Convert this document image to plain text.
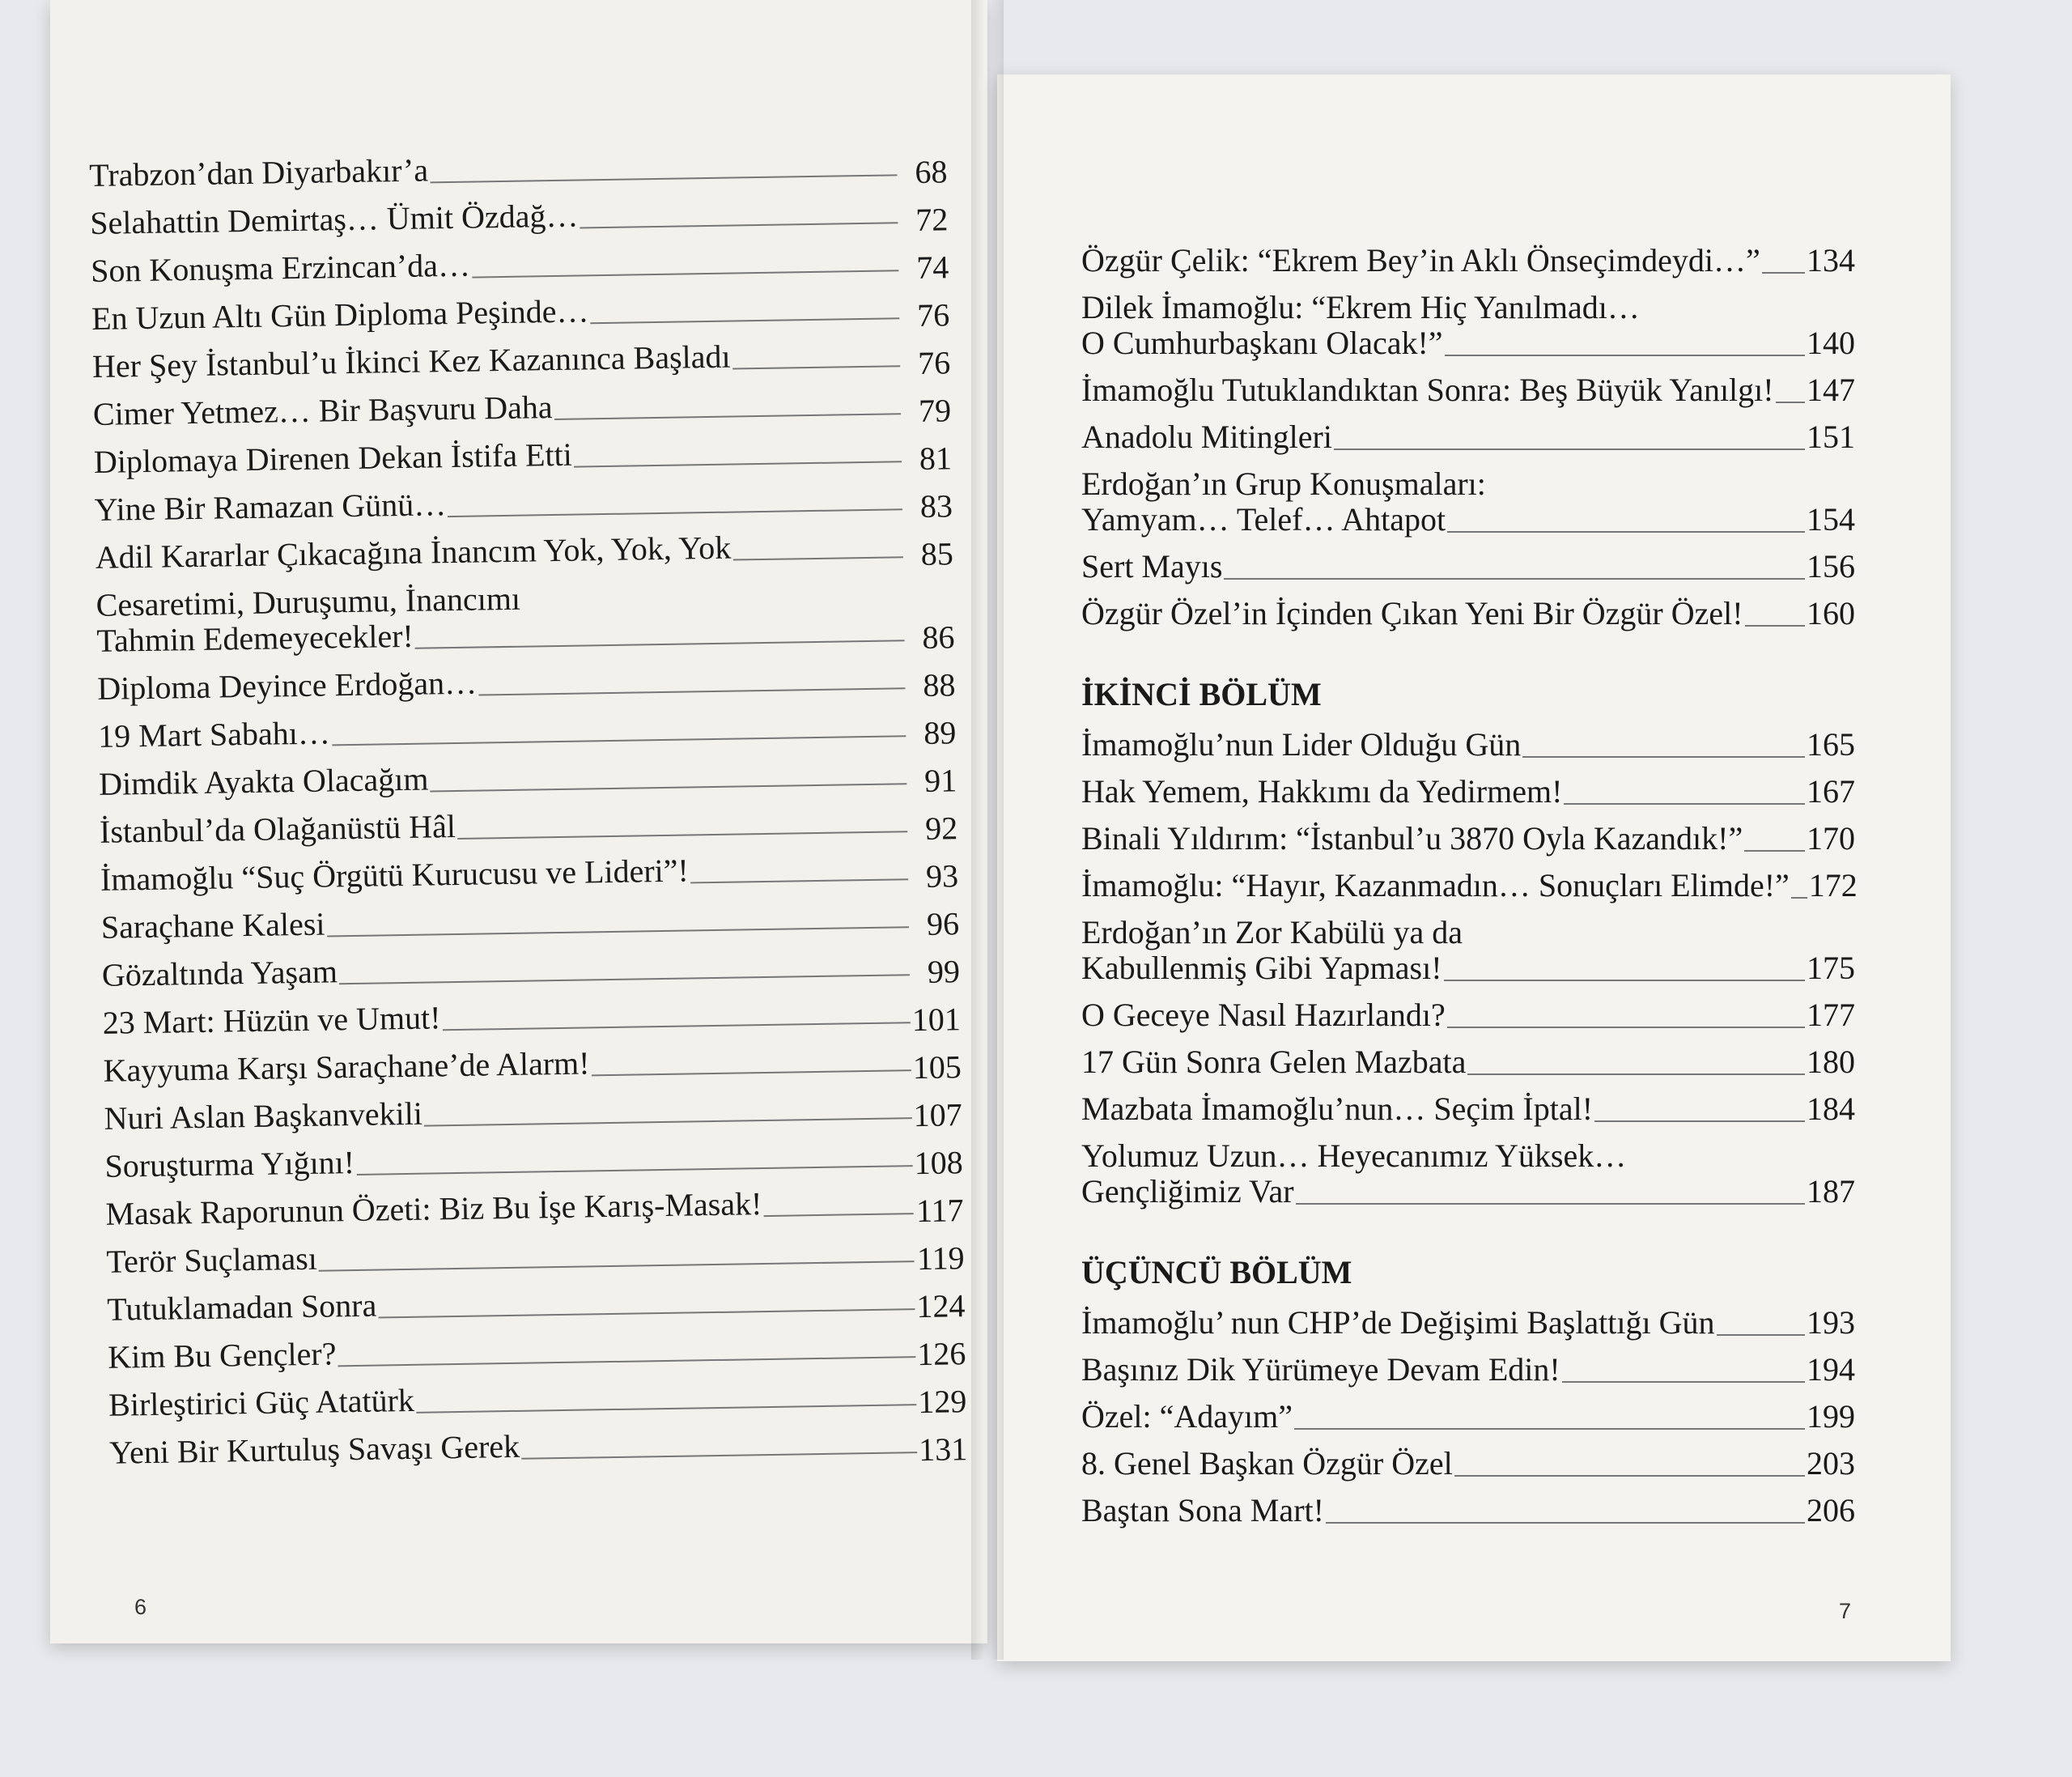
Trabzon’dan Diyarbakır’a	68
Selahattin Demirtaş… Ümit Özdağ…	72
Son Konuşma Erzincan’da…	74
En Uzun Altı Gün Diploma Peşinde…	76
Her Şey İstanbul’u İkinci Kez Kazanınca Başladı	76
Cimer Yetmez… Bir Başvuru Daha	79
Diplomaya Direnen Dekan İstifa Etti	81
Yine Bir Ramazan Günü…	83
Adil Kararlar Çıkacağına İnancım Yok, Yok, Yok	85
Cesaretimi, Duruşumu, İnancımı
Tahmin Edemeyecekler!	86
Diploma Deyince Erdoğan…	88
19 Mart Sabahı…	89
Dimdik Ayakta Olacağım	91
İstanbul’da Olağanüstü Hâl	92
İmamoğlu “Suç Örgütü Kurucusu ve Lideri”!	93
Saraçhane Kalesi	96
Gözaltında Yaşam	99
23 Mart: Hüzün ve Umut!	101
Kayyuma Karşı Saraçhane’de Alarm!	105
Nuri Aslan Başkanvekili	107
Soruşturma Yığını!	108
Masak Raporunun Özeti: Biz Bu İşe Karış-Masak!	117
Terör Suçlaması	119
Tutuklamadan Sonra	124
Kim Bu Gençler?	126
Birleştirici Güç Atatürk	129
Yeni Bir Kurtuluş Savaşı Gerek	131
6
Özgür Çelik: “Ekrem Bey’in Aklı Önseçimdeydi…” 134
Dilek İmamoğlu: “Ekrem Hiç Yanılmadı…
O Cumhurbaşkanı Olacak!”	140
İmamoğlu Tutuklandıktan Sonra: Beş Büyük Yanılgı! 147
Anadolu Mitingleri	151
Erdoğan’ın Grup Konuşmaları:
Yamyam… Telef… Ahtapot	154
Sert Mayıs	156
Özgür Özel’in İçinden Çıkan Yeni Bir Özgür Özel! 160
İKİNCİ BÖLÜM
İmamoğlu’nun Lider Olduğu Gün	165
Hak Yemem, Hakkımı da Yedirmem!	167
Binali Yıldırım: “İstanbul’u 3870 Oyla Kazandık!” 170
İmamoğlu: “Hayır, Kazanmadın… Sonuçları Elimde!” 172
Erdoğan’ın Zor Kabülü ya da
Kabullenmiş Gibi Yapması!	175
O Geceye Nasıl Hazırlandı?	177
17 Gün Sonra Gelen Mazbata	180
Mazbata İmamoğlu’nun… Seçim İptal!	184
Yolumuz Uzun… Heyecanımız Yüksek…
Gençliğimiz Var	187
ÜÇÜNCÜ BÖLÜM
İmamoğlu’ nun CHP’de Değişimi Başlattığı Gün	193
Başınız Dik Yürümeye Devam Edin!	194
Özel: “Adayım”	199
8. Genel Başkan Özgür Özel	203
Baştan Sona Mart!	206
7
